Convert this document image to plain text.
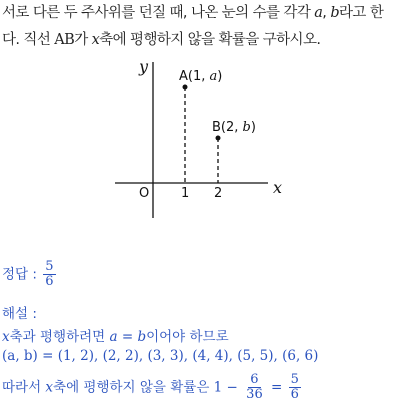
서로 다른 두 주사위를 던질 때, 나온 눈의 수를 각각 a, b라고 한
다. 직선 AB가 x축에 평행하지 않을 확률을 구하시오.
y
x
O 1 2
A(1, a)
B(2, b)
정답 : $\frac{5}{6}$
해설 :
x축과 평행하려면 a = b이어야 하므로
(a, b) = (1, 2), (2, 2), (3, 3), (4, 4), (5, 5), (6, 6)
따라서 x축에 평행하지 않을 확률은 $1 - \frac{6}{36} = \frac{5}{6}$
